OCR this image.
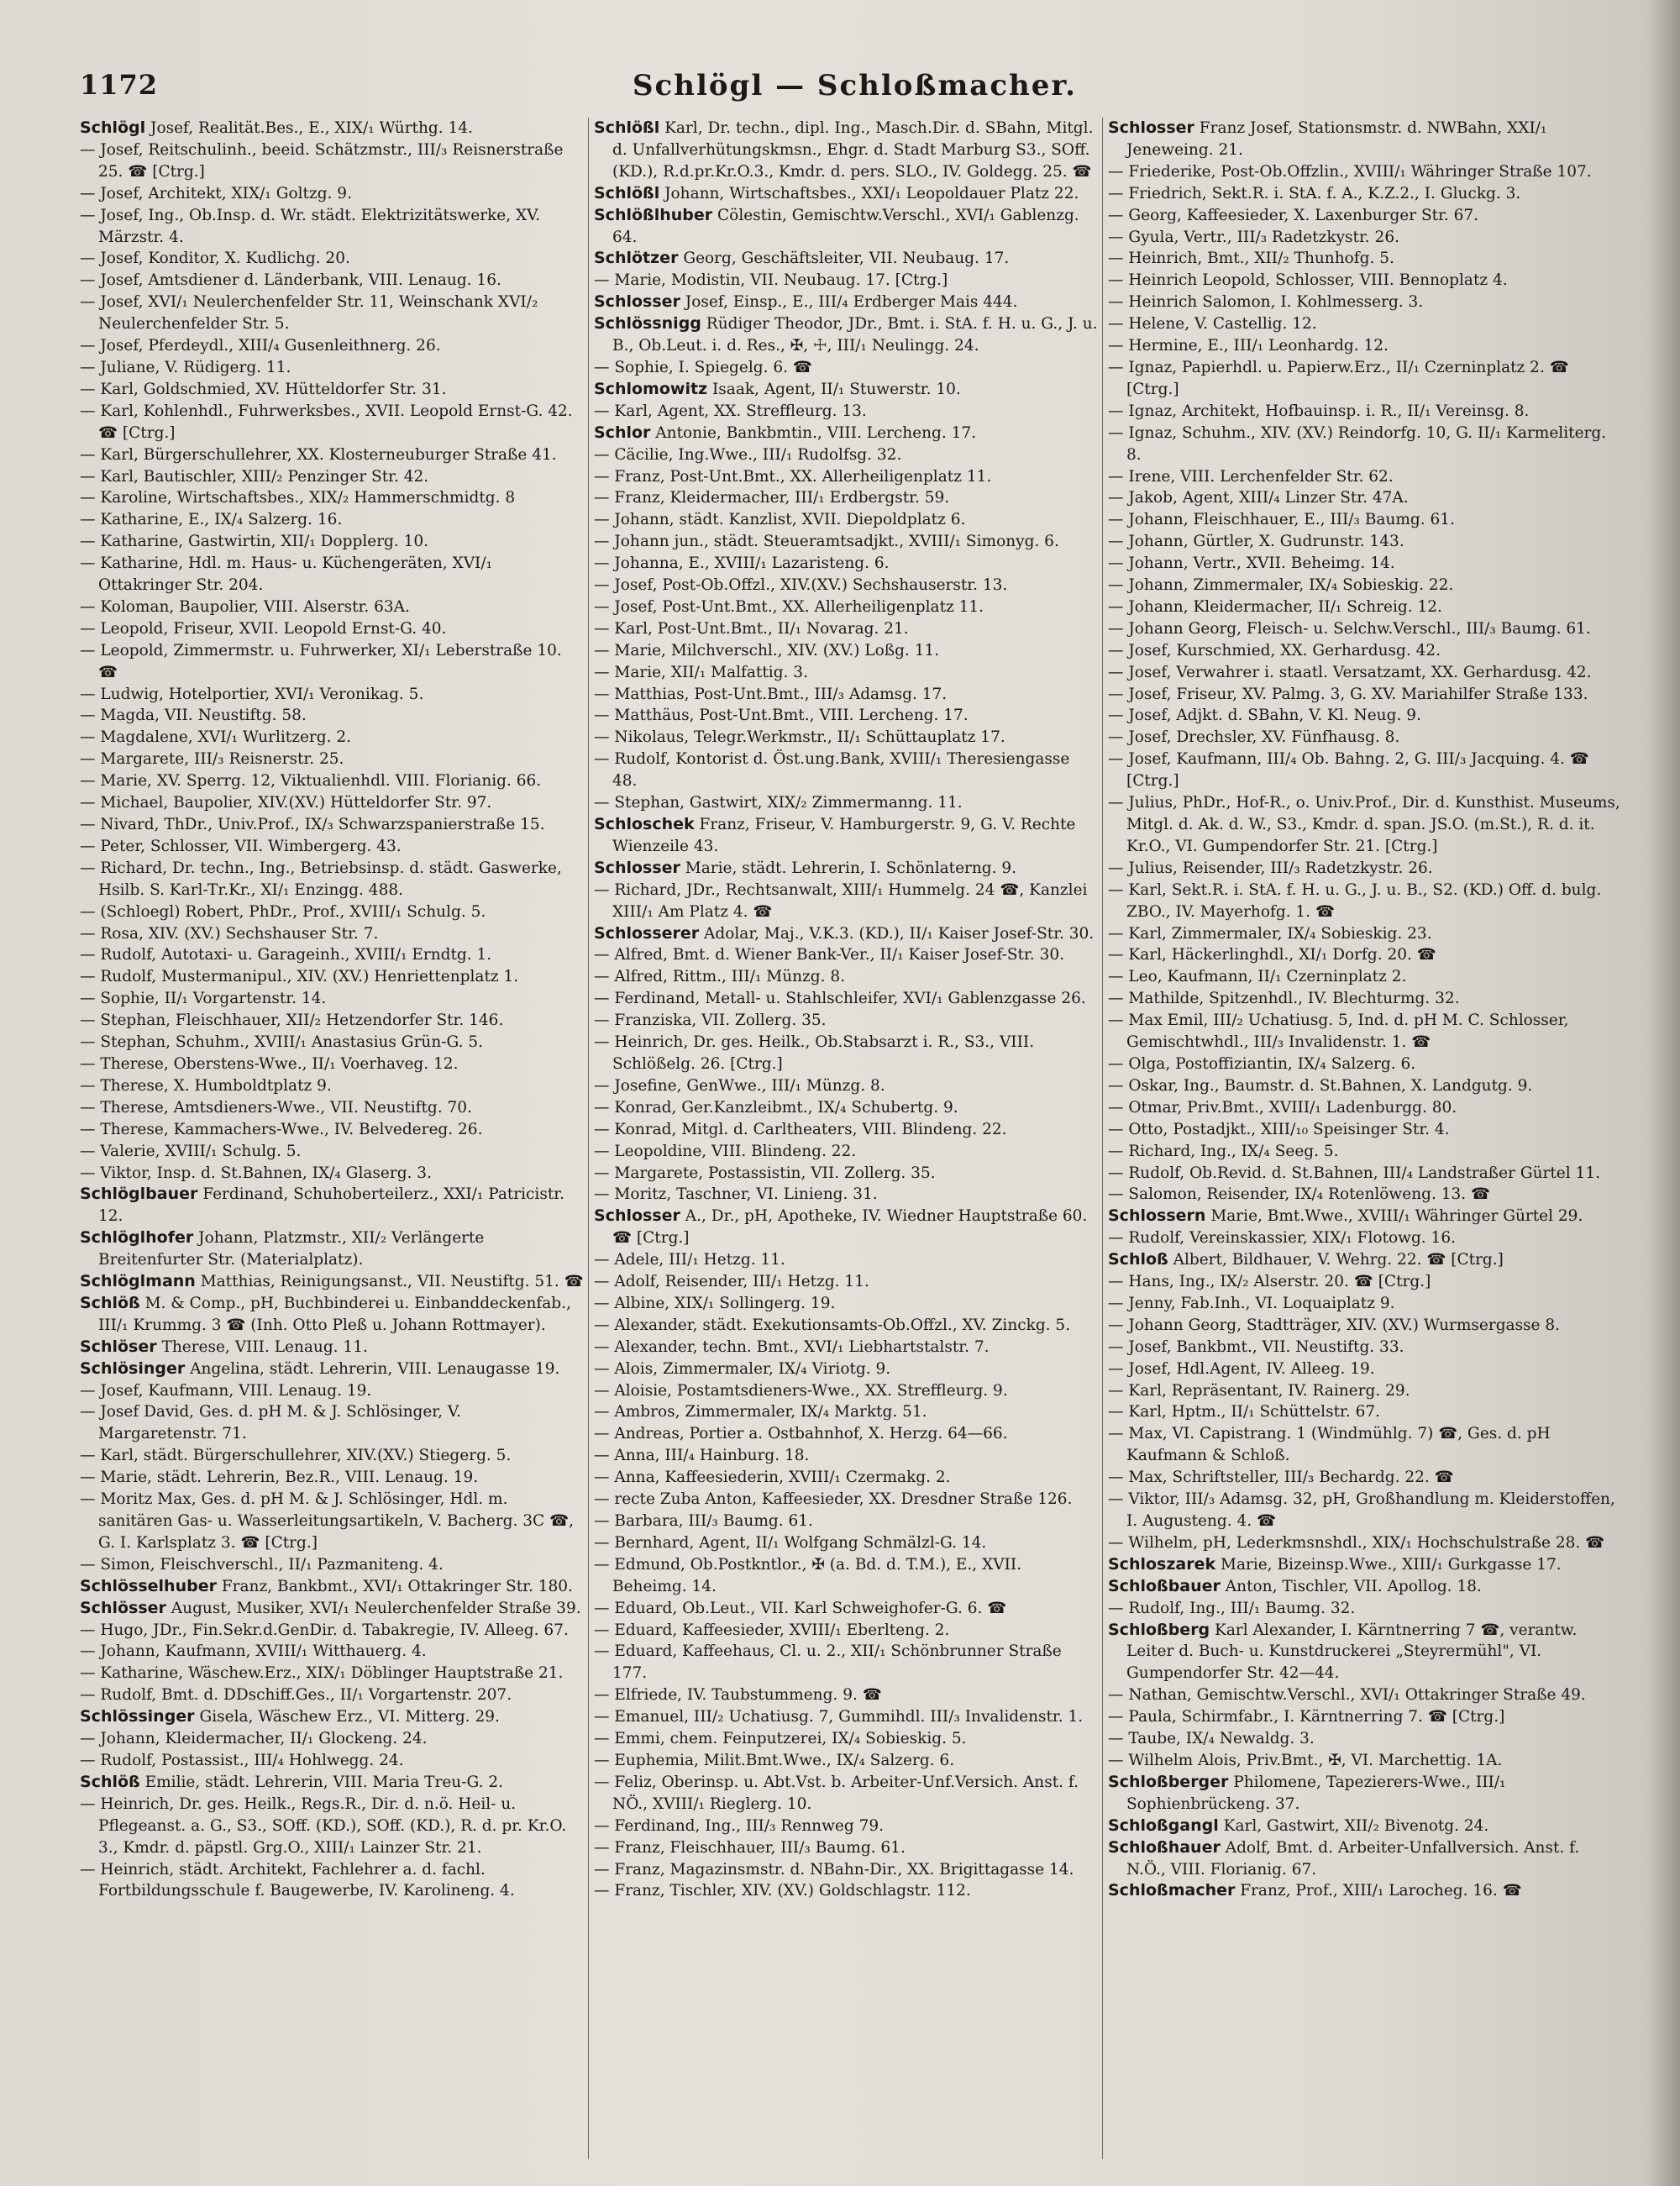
1172	Schlögl — Schloßmacher.

Schlögl Josef, Realität.Bes., E., XIX/₁ Würthg. 14.

— Josef, Reitschulinh., beeid. Schätzmstr., III/₃ Reisnerstraße 25. ☎ [Ctrg.]

— Josef, Architekt, XIX/₁ Goltzg. 9.

— Josef, Ing., Ob.Insp. d. Wr. städt. Elektrizitätswerke, XV. Märzstr. 4.

— Josef, Konditor, X. Kudlichg. 20.

— Josef, Amtsdiener d. Länderbank, VIII. Lenaug. 16.

— Josef, XVI/₁ Neulerchenfelder Str. 11, Weinschank XVI/₂ Neulerchenfelder Str. 5.

— Josef, Pferdeydl., XIII/₄ Gusenleithnerg. 26.

— Juliane, V. Rüdigerg. 11.

— Karl, Goldschmied, XV. Hütteldorfer Str. 31.

— Karl, Kohlenhdl., Fuhrwerksbes., XVII. Leopold Ernst-G. 42. ☎ [Ctrg.]

— Karl, Bürgerschullehrer, XX. Klosterneuburger Straße 41.

— Karl, Bautischler, XIII/₂ Penzinger Str. 42.

— Karoline, Wirtschaftsbes., XIX/₂ Hammerschmidtg. 8

— Katharine, E., IX/₄ Salzerg. 16.

— Katharine, Gastwirtin, XII/₁ Dopplerg. 10.

— Katharine, Hdl. m. Haus- u. Küchengeräten, XVI/₁ Ottakringer Str. 204.

— Koloman, Baupolier, VIII. Alserstr. 63A.

— Leopold, Friseur, XVII. Leopold Ernst-G. 40.

— Leopold, Zimmermstr. u. Fuhrwerker, XI/₁ Leberstraße 10. ☎

— Ludwig, Hotelportier, XVI/₁ Veronikag. 5.

— Magda, VII. Neustiftg. 58.

— Magdalene, XVI/₁ Wurlitzerg. 2.

— Margarete, III/₃ Reisnerstr. 25.

— Marie, XV. Sperrg. 12, Viktualienhdl. VIII. Florianig. 66.

— Michael, Baupolier, XIV.(XV.) Hütteldorfer Str. 97.

— Nivard, ThDr., Univ.Prof., IX/₃ Schwarzspanierstraße 15.

— Peter, Schlosser, VII. Wimbergerg. 43.

— Richard, Dr. techn., Ing., Betriebsinsp. d. städt. Gaswerke, Hsilb. S. Karl-Tr.Kr., XI/₁ Enzingg. 488.

— (Schloegl) Robert, PhDr., Prof., XVIII/₁ Schulg. 5.

— Rosa, XIV. (XV.) Sechshauser Str. 7.

— Rudolf, Autotaxi- u. Garageinh., XVIII/₁ Erndtg. 1.

— Rudolf, Mustermanipul., XIV. (XV.) Henriettenplatz 1.

— Sophie, II/₁ Vorgartenstr. 14.

— Stephan, Fleischhauer, XII/₂ Hetzendorfer Str. 146.

— Stephan, Schuhm., XVIII/₁ Anastasius Grün-G. 5.

— Therese, Oberstens-Wwe., II/₁ Voerhaveg. 12.

— Therese, X. Humboldtplatz 9.

— Therese, Amtsdieners-Wwe., VII. Neustiftg. 70.

— Therese, Kammachers-Wwe., IV. Belvedereg. 26.

— Valerie, XVIII/₁ Schulg. 5.

— Viktor, Insp. d. St.Bahnen, IX/₄ Glaserg. 3.

Schlöglbauer Ferdinand, Schuhoberteilerz., XXI/₁ Patricistr. 12.

Schlöglhofer Johann, Platzmstr., XII/₂ Verlängerte Breitenfurter Str. (Materialplatz).

Schlöglmann Matthias, Reinigungsanst., VII. Neustiftg. 51. ☎

Schlöß M. & Comp., pH, Buchbinderei u. Einbanddeckenfab., III/₁ Krummg. 3 ☎ (Inh. Otto Pleß u. Johann Rottmayer).

Schlöser Therese, VIII. Lenaug. 11.

Schlösinger Angelina, städt. Lehrerin, VIII. Lenaugasse 19.

— Josef, Kaufmann, VIII. Lenaug. 19.

— Josef David, Ges. d. pH M. & J. Schlösinger, V. Margaretenstr. 71.

— Karl, städt. Bürgerschullehrer, XIV.(XV.) Stiegerg. 5.

— Marie, städt. Lehrerin, Bez.R., VIII. Lenaug. 19.

— Moritz Max, Ges. d. pH M. & J. Schlösinger, Hdl. m. sanitären Gas- u. Wasserleitungsartikeln, V. Bacherg. 3C ☎, G. I. Karlsplatz 3. ☎ [Ctrg.]

— Simon, Fleischverschl., II/₁ Pazmaniteng. 4.

Schlösselhuber Franz, Bankbmt., XVI/₁ Ottakringer Str. 180.

Schlösser August, Musiker, XVI/₁ Neulerchenfelder Straße 39.

— Hugo, JDr., Fin.Sekr.d.GenDir. d. Tabakregie, IV. Alleeg. 67.

— Johann, Kaufmann, XVIII/₁ Witthauerg. 4.

— Katharine, Wäschew.Erz., XIX/₁ Döblinger Hauptstraße 21.

— Rudolf, Bmt. d. DDschiff.Ges., II/₁ Vorgartenstr. 207.

Schlössinger Gisela, Wäschew Erz., VI. Mitterg. 29.

— Johann, Kleidermacher, II/₁ Glockeng. 24.

— Rudolf, Postassist., III/₄ Hohlwegg. 24.

Schlöß Emilie, städt. Lehrerin, VIII. Maria Treu-G. 2.

— Heinrich, Dr. ges. Heilk., Regs.R., Dir. d. n.ö. Heil- u. Pflegeanst. a. G., S3., SOff. (KD.), SOff. (KD.), R. d. pr. Kr.O. 3., Kmdr. d. päpstl. Grg.O., XIII/₁ Lainzer Str. 21.

— Heinrich, städt. Architekt, Fachlehrer a. d. fachl. Fortbildungsschule f. Baugewerbe, IV. Karolineng. 4.

Schlößl Karl, Dr. techn., dipl. Ing., Masch.Dir. d. SBahn, Mitgl. d. Unfallverhütungskmsn., Ehgr. d. Stadt Marburg S3., SOff.(KD.), R.d.pr.Kr.O.3., Kmdr. d. pers. SLO., IV. Goldegg. 25. ☎

Schlößl Johann, Wirtschaftsbes., XXI/₁ Leopoldauer Platz 22.

Schlößlhuber Cölestin, Gemischtw.Verschl., XVI/₁ Gablenzg. 64.

Schlötzer Georg, Geschäftsleiter, VII. Neubaug. 17.

— Marie, Modistin, VII. Neubaug. 17. [Ctrg.]

Schlosser Josef, Einsp., E., III/₄ Erdberger Mais 444.

Schlössnigg Rüdiger Theodor, JDr., Bmt. i. StA. f. H. u. G., J. u. B., Ob.Leut. i. d. Res., ✠, ☩, III/₁ Neulingg. 24.

— Sophie, I. Spiegelg. 6. ☎

Schlomowitz Isaak, Agent, II/₁ Stuwerstr. 10.

— Karl, Agent, XX. Streffleurg. 13.

Schlor Antonie, Bankbmtin., VIII. Lercheng. 17.

— Cäcilie, Ing.Wwe., III/₁ Rudolfsg. 32.

— Franz, Post-Unt.Bmt., XX. Allerheiligenplatz 11.

— Franz, Kleidermacher, III/₁ Erdbergstr. 59.

— Johann, städt. Kanzlist, XVII. Diepoldplatz 6.

— Johann jun., städt. Steueramtsadjkt., XVIII/₁ Simonyg. 6.

— Johanna, E., XVIII/₁ Lazaristeng. 6.

— Josef, Post-Ob.Offzl., XIV.(XV.) Sechshauserstr. 13.

— Josef, Post-Unt.Bmt., XX. Allerheiligenplatz 11.

— Karl, Post-Unt.Bmt., II/₁ Novarag. 21.

— Marie, Milchverschl., XIV. (XV.) Loßg. 11.

— Marie, XII/₁ Malfattig. 3.

— Matthias, Post-Unt.Bmt., III/₃ Adamsg. 17.

— Matthäus, Post-Unt.Bmt., VIII. Lercheng. 17.

— Nikolaus, Telegr.Werkmstr., II/₁ Schüttauplatz 17.

— Rudolf, Kontorist d. Öst.ung.Bank, XVIII/₁ Theresiengasse 48.

— Stephan, Gastwirt, XIX/₂ Zimmermanng. 11.

Schloschek Franz, Friseur, V. Hamburgerstr. 9, G. V. Rechte Wienzeile 43.

Schlosser Marie, städt. Lehrerin, I. Schönlaterng. 9.

— Richard, JDr., Rechtsanwalt, XIII/₁ Hummelg. 24 ☎, Kanzlei XIII/₁ Am Platz 4. ☎

Schlosserer Adolar, Maj., V.K.3. (KD.), II/₁ Kaiser Josef-Str. 30.

— Alfred, Bmt. d. Wiener Bank-Ver., II/₁ Kaiser Josef-Str. 30.

— Alfred, Rittm., III/₁ Münzg. 8.

— Ferdinand, Metall- u. Stahlschleifer, XVI/₁ Gablenzgasse 26.

— Franziska, VII. Zollerg. 35.

— Heinrich, Dr. ges. Heilk., Ob.Stabsarzt i. R., S3., VIII. Schlößelg. 26. [Ctrg.]

— Josefine, GenWwe., III/₁ Münzg. 8.

— Konrad, Ger.Kanzleibmt., IX/₄ Schubertg. 9.

— Konrad, Mitgl. d. Carltheaters, VIII. Blindeng. 22.

— Leopoldine, VIII. Blindeng. 22.

— Margarete, Postassistin, VII. Zollerg. 35.

— Moritz, Taschner, VI. Linieng. 31.

Schlosser A., Dr., pH, Apotheke, IV. Wiedner Hauptstraße 60. ☎ [Ctrg.]

— Adele, III/₁ Hetzg. 11.

— Adolf, Reisender, III/₁ Hetzg. 11.

— Albine, XIX/₁ Sollingerg. 19.

— Alexander, städt. Exekutionsamts-Ob.Offzl., XV. Zinckg. 5.

— Alexander, techn. Bmt., XVI/₁ Liebhartstalstr. 7.

— Alois, Zimmermaler, IX/₄ Viriotg. 9.

— Aloisie, Postamtsdieners-Wwe., XX. Streffleurg. 9.

— Ambros, Zimmermaler, IX/₄ Marktg. 51.

— Andreas, Portier a. Ostbahnhof, X. Herzg. 64—66.

— Anna, III/₄ Hainburg. 18.

— Anna, Kaffeesiederin, XVIII/₁ Czermakg. 2.

— recte Zuba Anton, Kaffeesieder, XX. Dresdner Straße 126.

— Barbara, III/₃ Baumg. 61.

— Bernhard, Agent, II/₁ Wolfgang Schmälzl-G. 14.

— Edmund, Ob.Postkntlor., ✠ (a. Bd. d. T.M.), E., XVII. Beheimg. 14.

— Eduard, Ob.Leut., VII. Karl Schweighofer-G. 6. ☎

— Eduard, Kaffeesieder, XVIII/₁ Eberlteng. 2.

— Eduard, Kaffeehaus, Cl. u. 2., XII/₁ Schönbrunner Straße 177.

— Elfriede, IV. Taubstummeng. 9. ☎

— Emanuel, III/₂ Uchatiusg. 7, Gummihdl. III/₃ Invalidenstr. 1.

— Emmi, chem. Feinputzerei, IX/₄ Sobieskig. 5.

— Euphemia, Milit.Bmt.Wwe., IX/₄ Salzerg. 6.

— Feliz, Oberinsp. u. Abt.Vst. b. Arbeiter-Unf.Versich. Anst. f. NÖ., XVIII/₁ Rieglerg. 10.

— Ferdinand, Ing., III/₃ Rennweg 79.

— Franz, Fleischhauer, III/₃ Baumg. 61.

— Franz, Magazinsmstr. d. NBahn-Dir., XX. Brigittagasse 14.

— Franz, Tischler, XIV. (XV.) Goldschlagstr. 112.

Schlosser Franz Josef, Stationsmstr. d. NWBahn, XXI/₁ Jeneweing. 21.

— Friederike, Post-Ob.Offzlin., XVIII/₁ Währinger Straße 107.

— Friedrich, Sekt.R. i. StA. f. A., K.Z.2., I. Gluckg. 3.

— Georg, Kaffeesieder, X. Laxenburger Str. 67.

— Gyula, Vertr., III/₃ Radetzkystr. 26.

— Heinrich, Bmt., XII/₂ Thunhofg. 5.

— Heinrich Leopold, Schlosser, VIII. Bennoplatz 4.

— Heinrich Salomon, I. Kohlmesserg. 3.

— Helene, V. Castellig. 12.

— Hermine, E., III/₁ Leonhardg. 12.

— Ignaz, Papierhdl. u. Papierw.Erz., II/₁ Czerninplatz 2. ☎ [Ctrg.]

— Ignaz, Architekt, Hofbauinsp. i. R., II/₁ Vereinsg. 8.

— Ignaz, Schuhm., XIV. (XV.) Reindorfg. 10, G. II/₁ Karmeliterg. 8.

— Irene, VIII. Lerchenfelder Str. 62.

— Jakob, Agent, XIII/₄ Linzer Str. 47A.

— Johann, Fleischhauer, E., III/₃ Baumg. 61.

— Johann, Gürtler, X. Gudrunstr. 143.

— Johann, Vertr., XVII. Beheimg. 14.

— Johann, Zimmermaler, IX/₄ Sobieskig. 22.

— Johann, Kleidermacher, II/₁ Schreig. 12.

— Johann Georg, Fleisch- u. Selchw.Verschl., III/₃ Baumg. 61.

— Josef, Kurschmied, XX. Gerhardusg. 42.

— Josef, Verwahrer i. staatl. Versatzamt, XX. Gerhardusg. 42.

— Josef, Friseur, XV. Palmg. 3, G. XV. Mariahilfer Straße 133.

— Josef, Adjkt. d. SBahn, V. Kl. Neug. 9.

— Josef, Drechsler, XV. Fünfhausg. 8.

— Josef, Kaufmann, III/₄ Ob. Bahng. 2, G. III/₃ Jacquing. 4. ☎ [Ctrg.]

— Julius, PhDr., Hof-R., o. Univ.Prof., Dir. d. Kunsthist. Museums, Mitgl. d. Ak. d. W., S3., Kmdr. d. span. JS.O. (m.St.), R. d. it. Kr.O., VI. Gumpendorfer Str. 21. [Ctrg.]

— Julius, Reisender, III/₃ Radetzkystr. 26.

— Karl, Sekt.R. i. StA. f. H. u. G., J. u. B., S2. (KD.) Off. d. bulg. ZBO., IV. Mayerhofg. 1. ☎

— Karl, Zimmermaler, IX/₄ Sobieskig. 23.

— Karl, Häckerlinghdl., XI/₁ Dorfg. 20. ☎

— Leo, Kaufmann, II/₁ Czerninplatz 2.

— Mathilde, Spitzenhdl., IV. Blechturmg. 32.

— Max Emil, III/₂ Uchatiusg. 5, Ind. d. pH M. C. Schlosser, Gemischtwhdl., III/₃ Invalidenstr. 1. ☎

— Olga, Postoffiziantin, IX/₄ Salzerg. 6.

— Oskar, Ing., Baumstr. d. St.Bahnen, X. Landgutg. 9.

— Otmar, Priv.Bmt., XVIII/₁ Ladenburgg. 80.

— Otto, Postadjkt., XIII/₁₀ Speisinger Str. 4.

— Richard, Ing., IX/₄ Seeg. 5.

— Rudolf, Ob.Revid. d. St.Bahnen, III/₄ Landstraßer Gürtel 11.

— Salomon, Reisender, IX/₄ Rotenlöweng. 13. ☎

Schlossern Marie, Bmt.Wwe., XVIII/₁ Währinger Gürtel 29.

— Rudolf, Vereinskassier, XIX/₁ Flotowg. 16.

Schloß Albert, Bildhauer, V. Wehrg. 22. ☎ [Ctrg.]

— Hans, Ing., IX/₂ Alserstr. 20. ☎ [Ctrg.]

— Jenny, Fab.Inh., VI. Loquaiplatz 9.

— Johann Georg, Stadtträger, XIV. (XV.) Wurmsergasse 8.

— Josef, Bankbmt., VII. Neustiftg. 33.

— Josef, Hdl.Agent, IV. Alleeg. 19.

— Karl, Repräsentant, IV. Rainerg. 29.

— Karl, Hptm., II/₁ Schüttelstr. 67.

— Max, VI. Capistrang. 1 (Windmühlg. 7) ☎, Ges. d. pH Kaufmann & Schloß.

— Max, Schriftsteller, III/₃ Bechardg. 22. ☎

— Viktor, III/₃ Adamsg. 32, pH, Großhandlung m. Kleiderstoffen, I. Augusteng. 4. ☎

— Wilhelm, pH, Lederkmsnshdl., XIX/₁ Hochschulstraße 28. ☎

Schloszarek Marie, Bizeinsp.Wwe., XIII/₁ Gurkgasse 17.

Schloßbauer Anton, Tischler, VII. Apollog. 18.

— Rudolf, Ing., III/₁ Baumg. 32.

Schloßberg Karl Alexander, I. Kärntnerring 7 ☎, verantw. Leiter d. Buch- u. Kunstdruckerei „Steyrermühl", VI. Gumpendorfer Str. 42—44.

— Nathan, Gemischtw.Verschl., XVI/₁ Ottakringer Straße 49.

— Paula, Schirmfabr., I. Kärntnerring 7. ☎ [Ctrg.]

— Taube, IX/₄ Newaldg. 3.

— Wilhelm Alois, Priv.Bmt., ✠, VI. Marchettig. 1A.

Schloßberger Philomene, Tapezierers-Wwe., III/₁ Sophienbrückeng. 37.

Schloßgangl Karl, Gastwirt, XII/₂ Bivenotg. 24.

Schloßhauer Adolf, Bmt. d. Arbeiter-Unfallversich. Anst. f. N.Ö., VIII. Florianig. 67.

Schloßmacher Franz, Prof., XIII/₁ Larocheg. 16. ☎
